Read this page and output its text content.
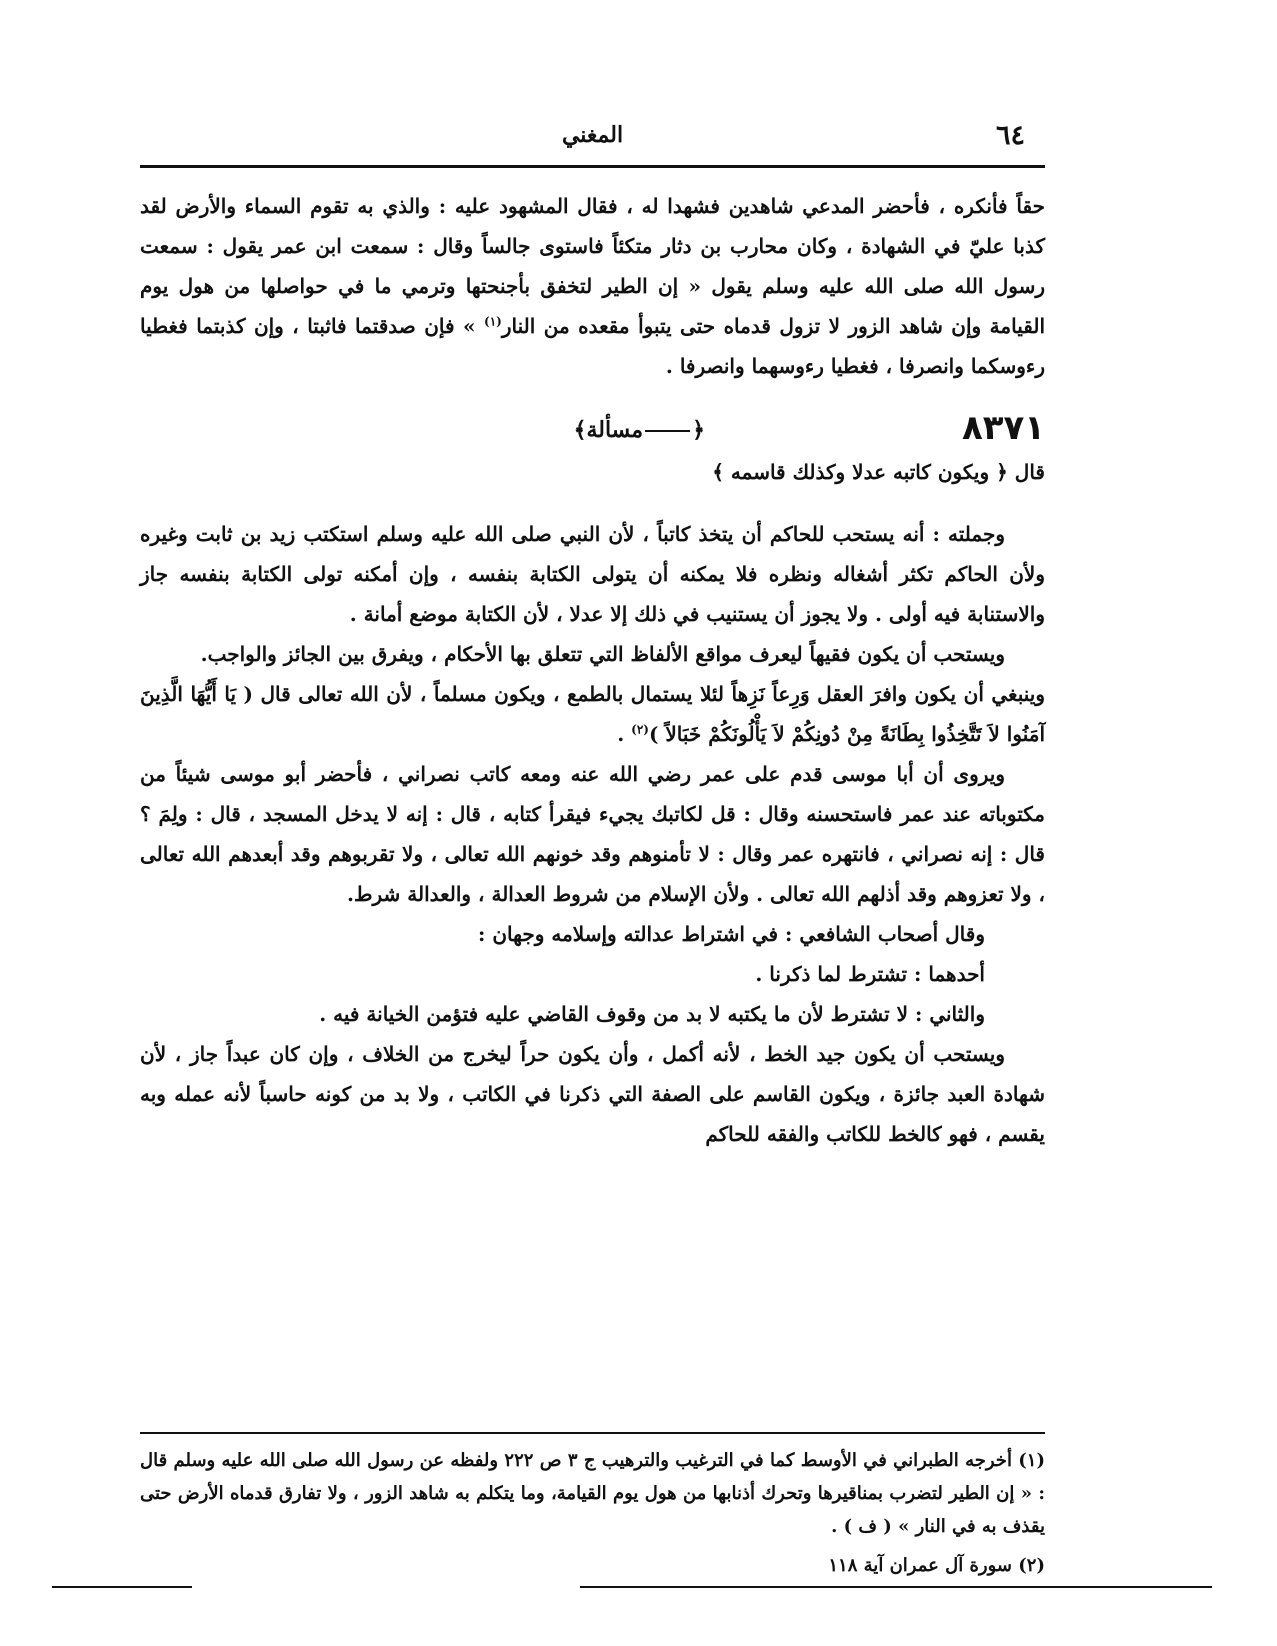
٦٤
المغني

حقاً فأنكره ، فأحضر المدعي شاهدين فشهدا له ، فقال المشهود عليه : والذي به تقوم السماء والأرض لقد كذبا عليّ في الشهادة ، وكان محارب بن دثار متكئاً فاستوى جالساً وقال : سمعت ابن عمر يقول : سمعت رسول الله صلى الله عليه وسلم يقول « إن الطير لتخفق بأجنحتها وترمي ما في حواصلها من هول يوم القيامة وإن شاهد الزور لا تزول قدماه حتى يتبوأ مقعده من النار$^{(١)}$ » فإن صدقتما فاثبتا ، وإن كذبتما فغطيا رءوسكما وانصرفا ، فغطيا رءوسهما وانصرفا .

٨٣٧١
﴿مسألة﴾

قال ﴿ ويكون كاتبه عدلا وكذلك قاسمه ﴾

وجملته : أنه يستحب للحاكم أن يتخذ كاتباً ، لأن النبي صلى الله عليه وسلم استكتب زيد بن ثابت وغيره ولأن الحاكم تكثر أشغاله ونظره فلا يمكنه أن يتولى الكتابة بنفسه ، وإن أمكنه تولى الكتابة بنفسه جاز والاستنابة فيه أولى . ولا يجوز أن يستنيب في ذلك إلا عدلا ، لأن الكتابة موضع أمانة .

ويستحب أن يكون فقيهاً ليعرف مواقع الألفاظ التي تتعلق بها الأحكام ، ويفرق بين الجائز والواجب.

وينبغي أن يكون وافرَ العقل وَرِعاً نَزِهاً لئلا يستمال بالطمع ، ويكون مسلماً ، لأن الله تعالى قال ( يَا أَيُّهَا الَّذِينَ آمَنُوا لاَ تَتَّخِذُوا بِطَانَةً مِنْ دُونِكُمْ لاَ يَأْلُونَكُمْ خَبَالاً )$^{(٢)}$ .

ويروى أن أبا موسى قدم على عمر رضي الله عنه ومعه كاتب نصراني ، فأحضر أبو موسى شيئاً من مكتوباته عند عمر فاستحسنه وقال : قل لكاتبك يجيء فيقرأ كتابه ، قال : إنه لا يدخل المسجد ، قال : ولِمَ ؟ قال : إنه نصراني ، فانتهره عمر وقال : لا تأمنوهم وقد خونهم الله تعالى ، ولا تقربوهم وقد أبعدهم الله تعالى ، ولا تعزوهم وقد أذلهم الله تعالى . ولأن الإسلام من شروط العدالة ، والعدالة شرط.

وقال أصحاب الشافعي : في اشتراط عدالته وإسلامه وجهان :

أحدهما : تشترط لما ذكرنا .

والثاني : لا تشترط لأن ما يكتبه لا بد من وقوف القاضي عليه فتؤمن الخيانة فيه .

ويستحب أن يكون جيد الخط ، لأنه أكمل ، وأن يكون حراً ليخرج من الخلاف ، وإن كان عبداً جاز ، لأن شهادة العبد جائزة ، ويكون القاسم على الصفة التي ذكرنا في الكاتب ، ولا بد من كونه حاسباً لأنه عمله وبه يقسم ، فهو كالخط للكاتب والفقه للحاكم

(١) أخرجه الطبراني في الأوسط كما في الترغيب والترهيب ج ٣ ص ٢٢٢ ولفظه عن رسول الله صلى الله عليه وسلم قال : « إن الطير لتضرب بمناقيرها وتحرك أذنابها من هول يوم القيامة، وما يتكلم به شاهد الزور ، ولا تفارق قدماه الأرض حتى يقذف به في النار » ( ف ) .

(٢) سورة آل عمران آية ١١٨
